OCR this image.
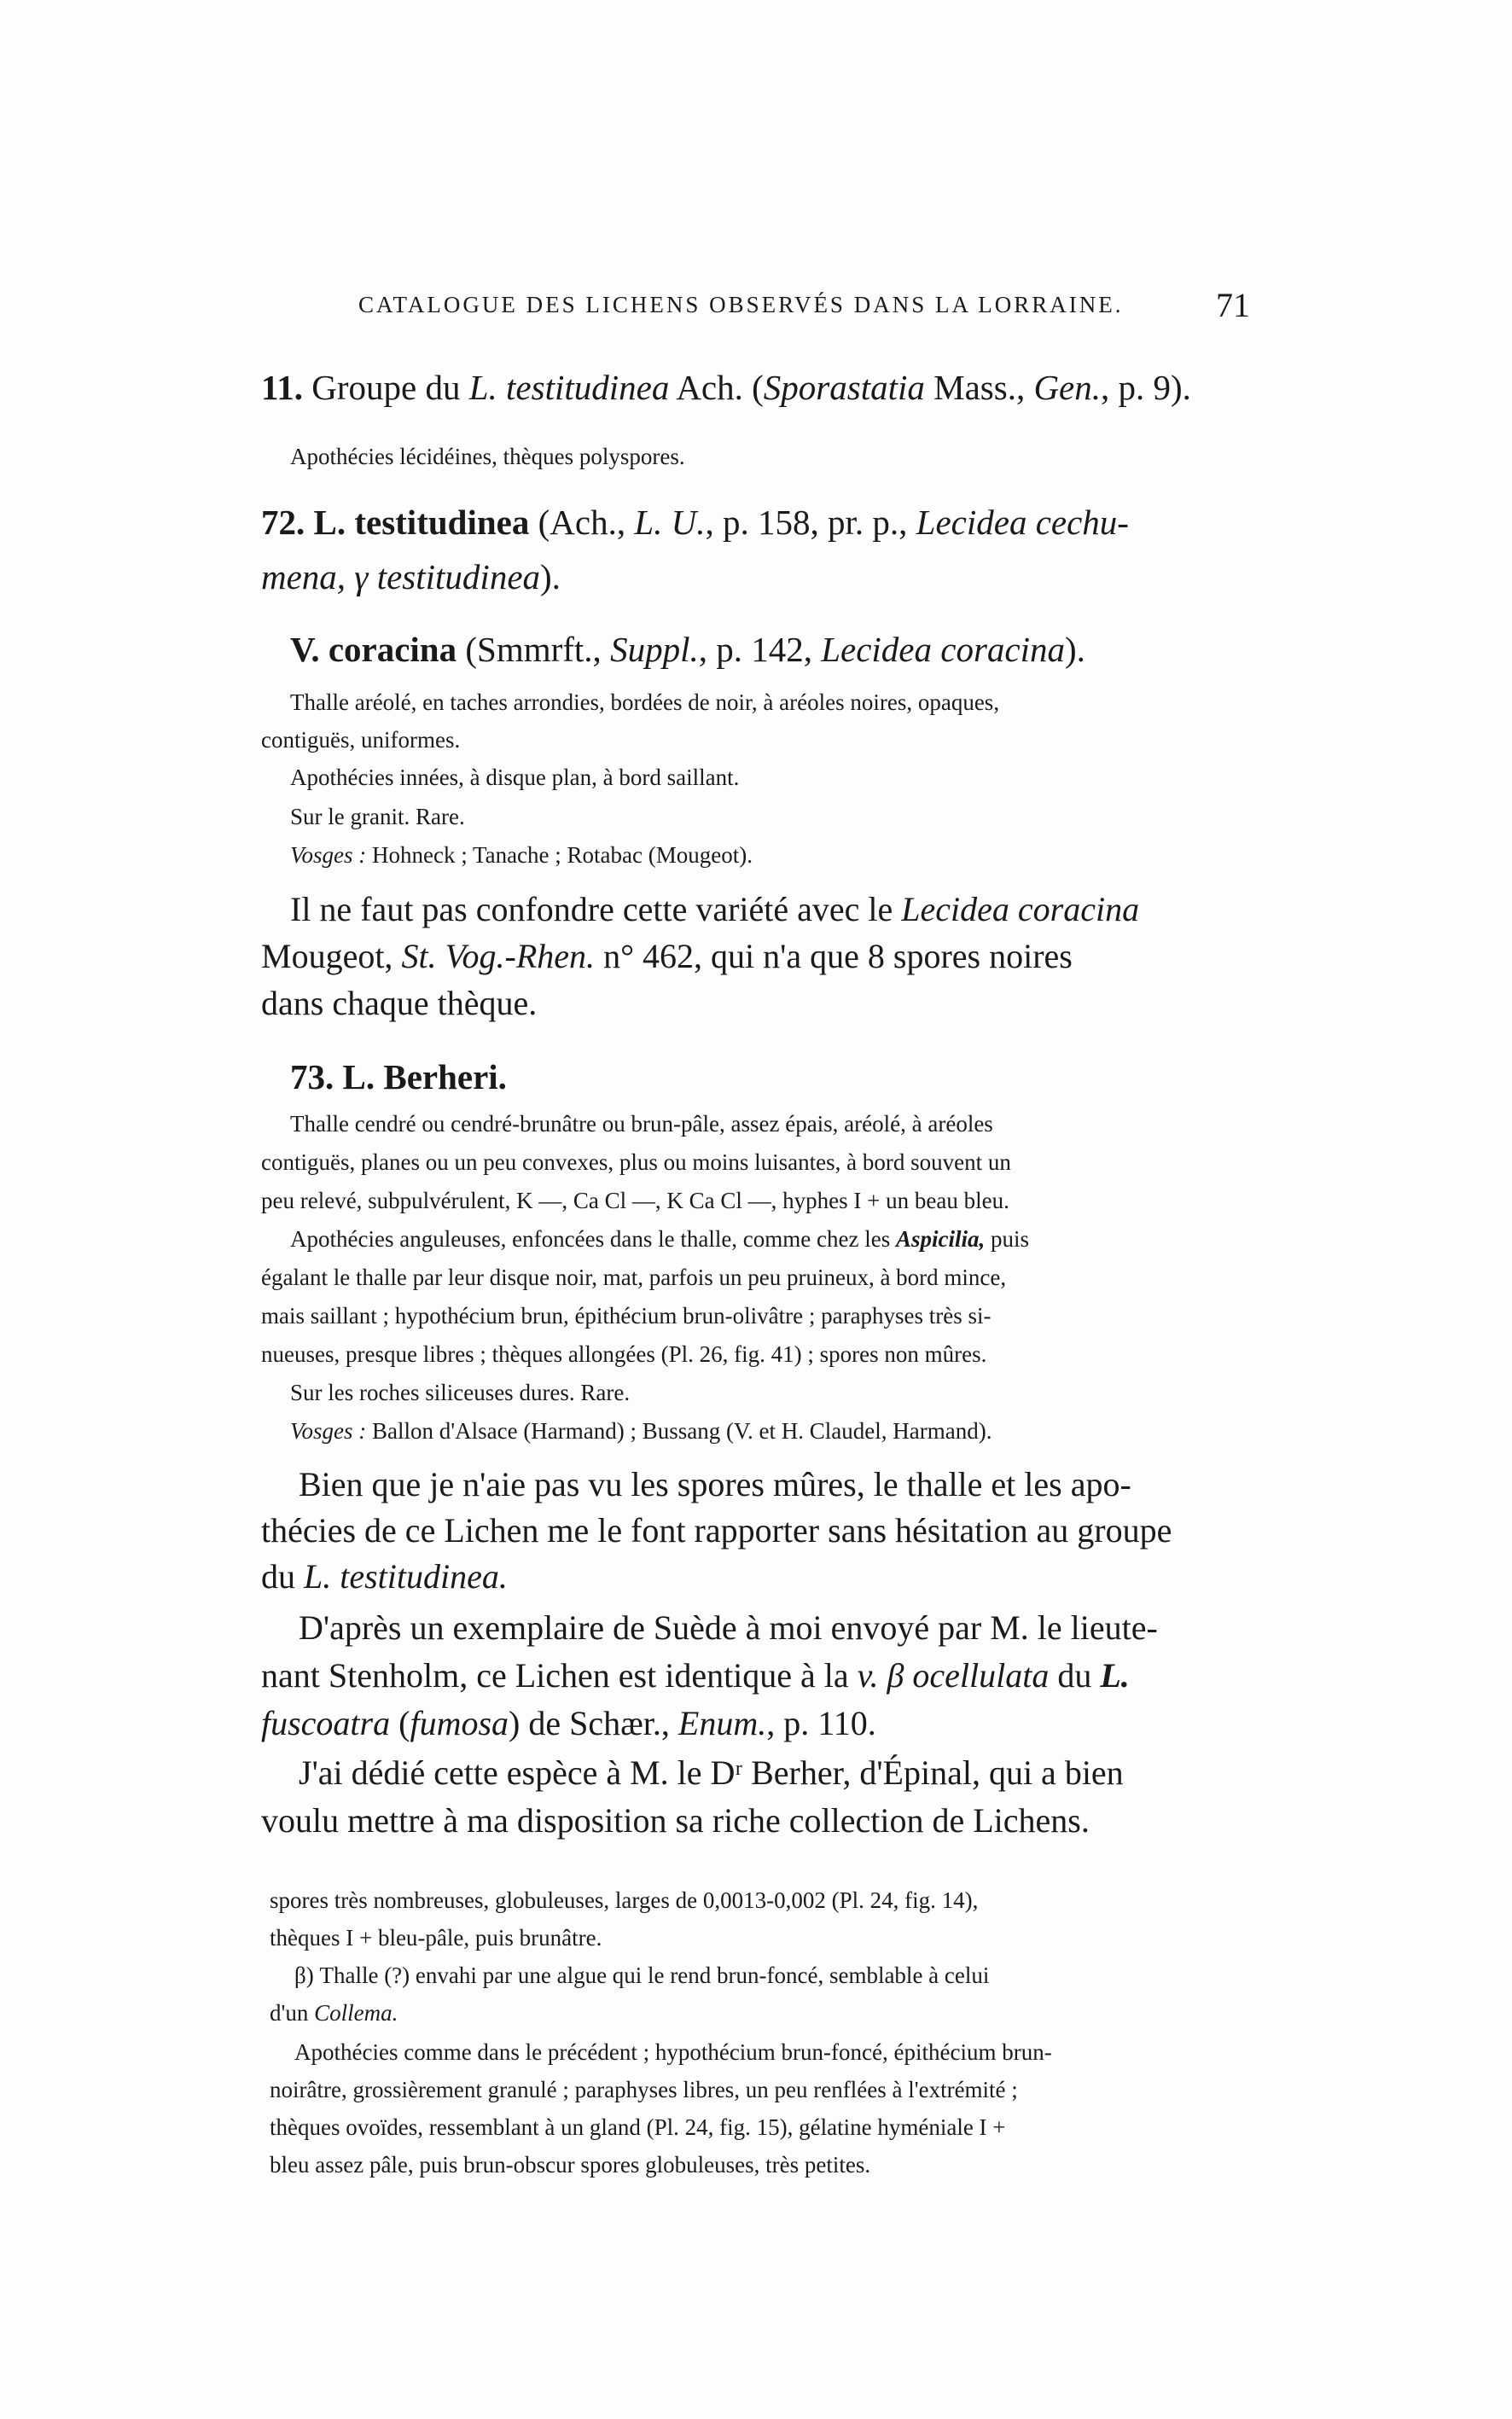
CATALOGUE DES LICHENS OBSERVÉS DANS LA LORRAINE.	71
11. Groupe du L. testitudinea Ach. (Sporastatia Mass., Gen., p. 9).
Apothécies lécidéines, thèques polyspores.
72. L. testitudinea (Ach., L. U., p. 158, pr. p., Lecidea cechu-
mena, γ testitudinea).
V. coracina (Smmrft., Suppl., p. 142, Lecidea coracina).
Thalle aréolé, en taches arrondies, bordées de noir, à aréoles noires, opaques,
contiguës, uniformes.
Apothécies innées, à disque plan, à bord saillant.
Sur le granit. Rare.
Vosges : Hohneck ; Tanache ; Rotabac (Mougeot).
Il ne faut pas confondre cette variété avec le Lecidea coracina
Mougeot, St. Vog.-Rhen. n° 462, qui n'a que 8 spores noires
dans chaque thèque.
73. L. Berheri.
Thalle cendré ou cendré-brunâtre ou brun-pâle, assez épais, aréolé, à aréoles
contiguës, planes ou un peu convexes, plus ou moins luisantes, à bord souvent un
peu relevé, subpulvérulent, K —, Ca Cl —, K Ca Cl —, hyphes I + un beau bleu.
Apothécies anguleuses, enfoncées dans le thalle, comme chez les Aspicilia, puis
égalant le thalle par leur disque noir, mat, parfois un peu pruineux, à bord mince,
mais saillant ; hypothécium brun, épithécium brun-olivâtre ; paraphyses très si-
nueuses, presque libres ; thèques allongées (Pl. 26, fig. 41) ; spores non mûres.
Sur les roches siliceuses dures. Rare.
Vosges : Ballon d'Alsace (Harmand) ; Bussang (V. et H. Claudel, Harmand).
Bien que je n'aie pas vu les spores mûres, le thalle et les apo-
thécies de ce Lichen me le font rapporter sans hésitation au groupe
du L. testitudinea.
D'après un exemplaire de Suède à moi envoyé par M. le lieute-
nant Stenholm, ce Lichen est identique à la v. β ocellulata du L.
fuscoatra (fumosa) de Schær., Enum., p. 110.
J'ai dédié cette espèce à M. le Dʳ Berher, d'Épinal, qui a bien
voulu mettre à ma disposition sa riche collection de Lichens.
spores très nombreuses, globuleuses, larges de 0,0013-0,002 (Pl. 24, fig. 14),
thèques I + bleu-pâle, puis brunâtre.
β) Thalle (?) envahi par une algue qui le rend brun-foncé, semblable à celui
d'un Collema.
Apothécies comme dans le précédent ; hypothécium brun-foncé, épithécium brun-
noirâtre, grossièrement granulé ; paraphyses libres, un peu renflées à l'extrémité ;
thèques ovoïdes, ressemblant à un gland (Pl. 24, fig. 15), gélatine hyméniale I +
bleu assez pâle, puis brun-obscur spores globuleuses, très petites.
